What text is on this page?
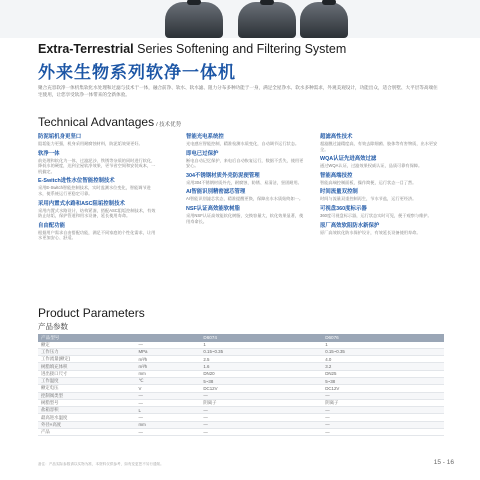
Extra-Terrestrial Series Softening and Filtering System
外来生物系列软净一体机
聚合充容软净一体机集软化水处理和过滤与技术于一体，融合前净、软水、软水滤、阻力分布多种功能于一身，满足全屋净水、软水多种需求，外观美观设计，功能出众，适合别墅、大平层等高端住宅使用，让您享受软净一体带来的全新体验。
Technical Advantages / 技术优势
防泥垢机身更坚口
阻垢能力更强，机身采用耐腐蚀材料，防泥垢效果更好。
软净一体
前处理和软化为一体，过滤泥沙、铁锈等杂质的同时进行软化，降低水的硬度，达到全屋软净效果，更节省空间和安装成本，一机搞定。
E-Switch进性水位智能控制技术
采用E-Switch智能控制技术，实时监测水位变化，智能调节进水，使系统运行更稳定可靠。
采用内置式水路和ASC阻垢控制技术
采用内置式水路设计，结构紧凑，搭配ASC阻垢控制技术，有效防止结垢，保护管道和用水设备，延长使用寿命。
自由配功能
根据用户需求自由搭配功能，满足不同家庭的个性化需求，让用水更加安心、舒适。
智能光电系统控
光电感应智能控制，精准检测水质变化，自动调节运行状态。
即电已过保护
断电自动记忆保护，来电后自动恢复运行，数据不丢失，使用更安心。
304不锈钢材质外壳防泥便管理
采用304不锈钢材质外壳，耐腐蚀、防锈、易清洁，坚固耐用。
AI智能识别精密滤芯管理
AI智能识别滤芯状态，精准提醒更换，保障出水水质始终如一。
NSF认证高效能软树脂
采用NSF认证高效能软化树脂，交换容量大，软化效果显著，使用寿命长。
超滤高性技术
超滤膜过滤精度高，有效去除细菌、胶体等有害物质，出水更安全。
WQA认证先进高效过滤
通过WQA认证，过滤效果权威认证，品质可靠有保障。
智能高端技控
智能高端控制面板，操作简便，运行状态一目了然。
时间流量双控制
时间与流量双重控制再生，节水节盐，运行更经济。
可视盘360度标示器
360度可视盘标示器，运行状态实时可见，便于观察与维护。
原厂高效软阻防水新保护
原厂高效软化防水保护设计，有效延长设备使用寿命。
Product Parameters
产品参数
产品型号		D6074	D6076
额定	—	1	1
工作压力	MPa	0.15~0.35	0.15~0.35
工作流量(额定)	m³/h	2.5	4.0
树脂填充体积	m³/h	1.6	3.2
进出接口尺寸	mm	DN20	DN25
工作温度	℃	5~38	5~38
额定电压	V	DC12V	DC12V
控制阀类型	—	—	—
树脂型号	—	阴离子	阴离子
盐箱容积	L	—	—
最高进水温度	—	—	—
外径×高度	mm	—	—
产品	—	—	—
备注：产品实际参数请以实物为准，本资料仅供参考，如有变更恕不另行通知。	15 - 16
